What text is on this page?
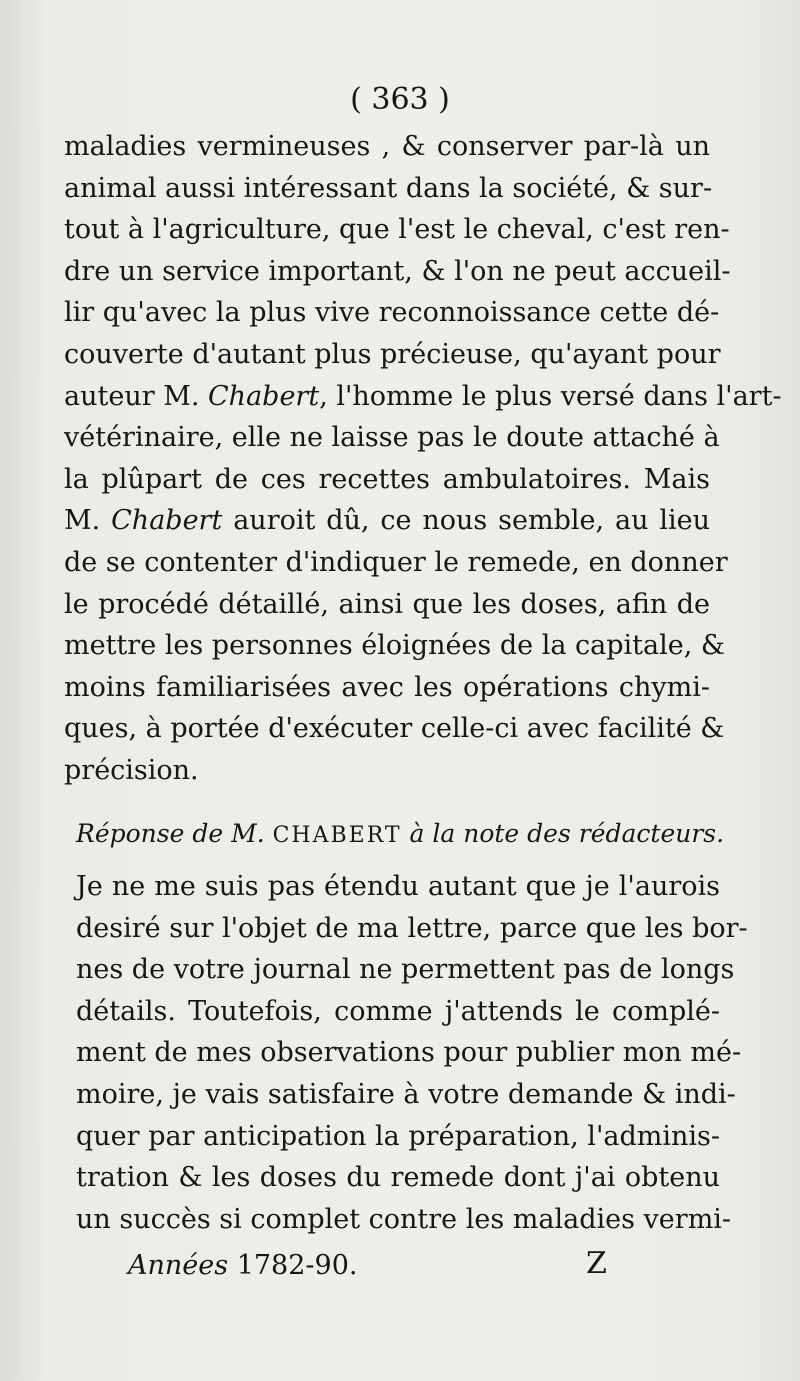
( 363 )
maladies vermineuses , & conserver par-là un
animal aussi intéressant dans la société, & sur-
tout à l'agriculture, que l'est le cheval, c'est ren-
dre un service important, & l'on ne peut accueil-
lir qu'avec la plus vive reconnoissance cette dé-
couverte d'autant plus précieuse, qu'ayant pour
auteur M. Chabert, l'homme le plus versé dans l'art-
vétérinaire, elle ne laisse pas le doute attaché à
la plûpart de ces recettes ambulatoires. Mais
M. Chabert auroit dû, ce nous semble, au lieu
de se contenter d'indiquer le remede, en donner
le procédé détaillé, ainsi que les doses, afin de
mettre les personnes éloignées de la capitale, &
moins familiarisées avec les opérations chymi-
ques, à portée d'exécuter celle-ci avec facilité &
précision.
Réponse de M. CHABERT à la note des rédacteurs.
Je ne me suis pas étendu autant que je l'aurois
desiré sur l'objet de ma lettre, parce que les bor-
nes de votre journal ne permettent pas de longs
détails. Toutefois, comme j'attends le complé-
ment de mes observations pour publier mon mé-
moire, je vais satisfaire à votre demande & indi-
quer par anticipation la préparation, l'adminis-
tration & les doses du remede dont j'ai obtenu
un succès si complet contre les maladies vermi-
Années 1782-90.	Z
